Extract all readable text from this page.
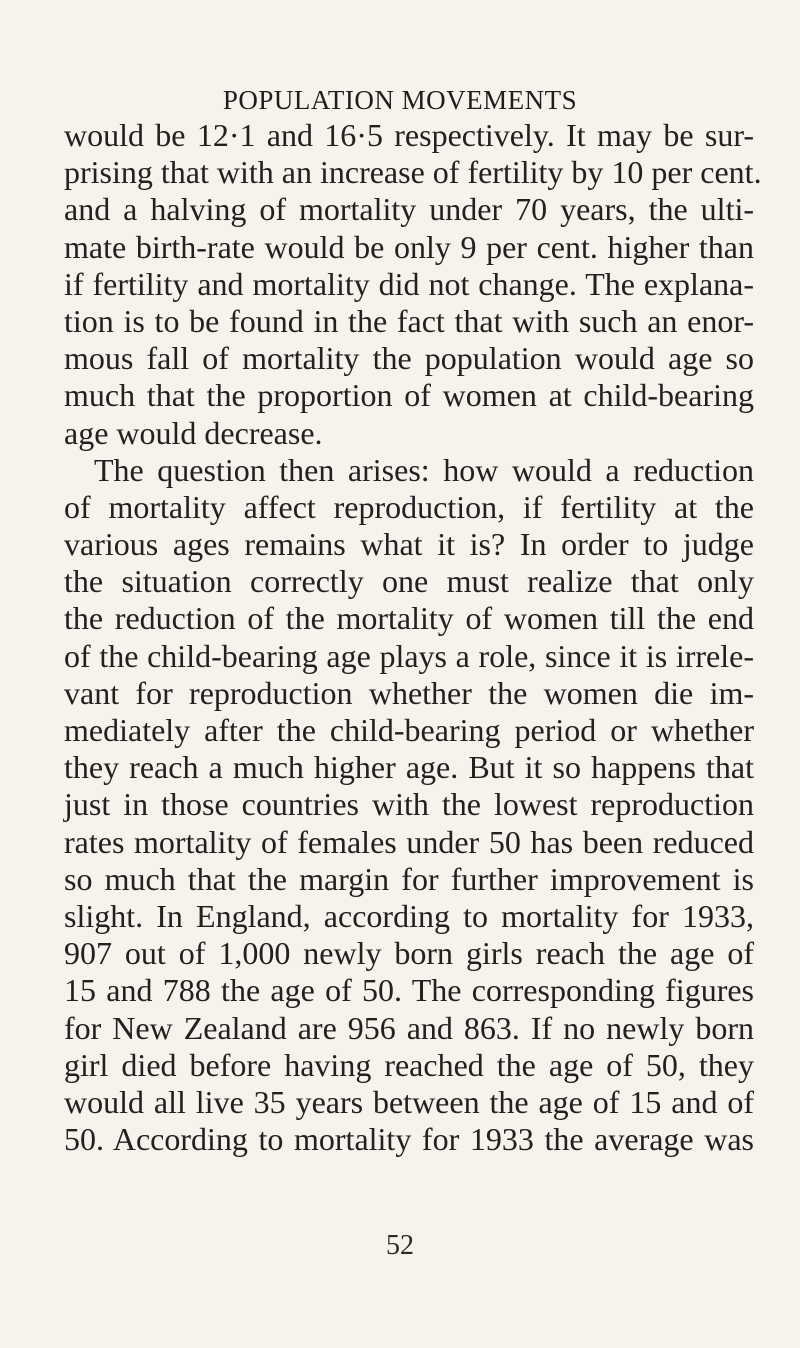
POPULATION MOVEMENTS
would be 12·1 and 16·5 respectively. It may be sur-
prising that with an increase of fertility by 10 per cent.
and a halving of mortality under 70 years, the ulti-
mate birth-rate would be only 9 per cent. higher than
if fertility and mortality did not change. The explana-
tion is to be found in the fact that with such an enor-
mous fall of mortality the population would age so
much that the proportion of women at child-bearing
age would decrease.
The question then arises: how would a reduction
of mortality affect reproduction, if fertility at the
various ages remains what it is? In order to judge
the situation correctly one must realize that only
the reduction of the mortality of women till the end
of the child-bearing age plays a role, since it is irrele-
vant for reproduction whether the women die im-
mediately after the child-bearing period or whether
they reach a much higher age. But it so happens that
just in those countries with the lowest reproduction
rates mortality of females under 50 has been reduced
so much that the margin for further improvement is
slight. In England, according to mortality for 1933,
907 out of 1,000 newly born girls reach the age of
15 and 788 the age of 50. The corresponding figures
for New Zealand are 956 and 863. If no newly born
girl died before having reached the age of 50, they
would all live 35 years between the age of 15 and of
50. According to mortality for 1933 the average was
52
